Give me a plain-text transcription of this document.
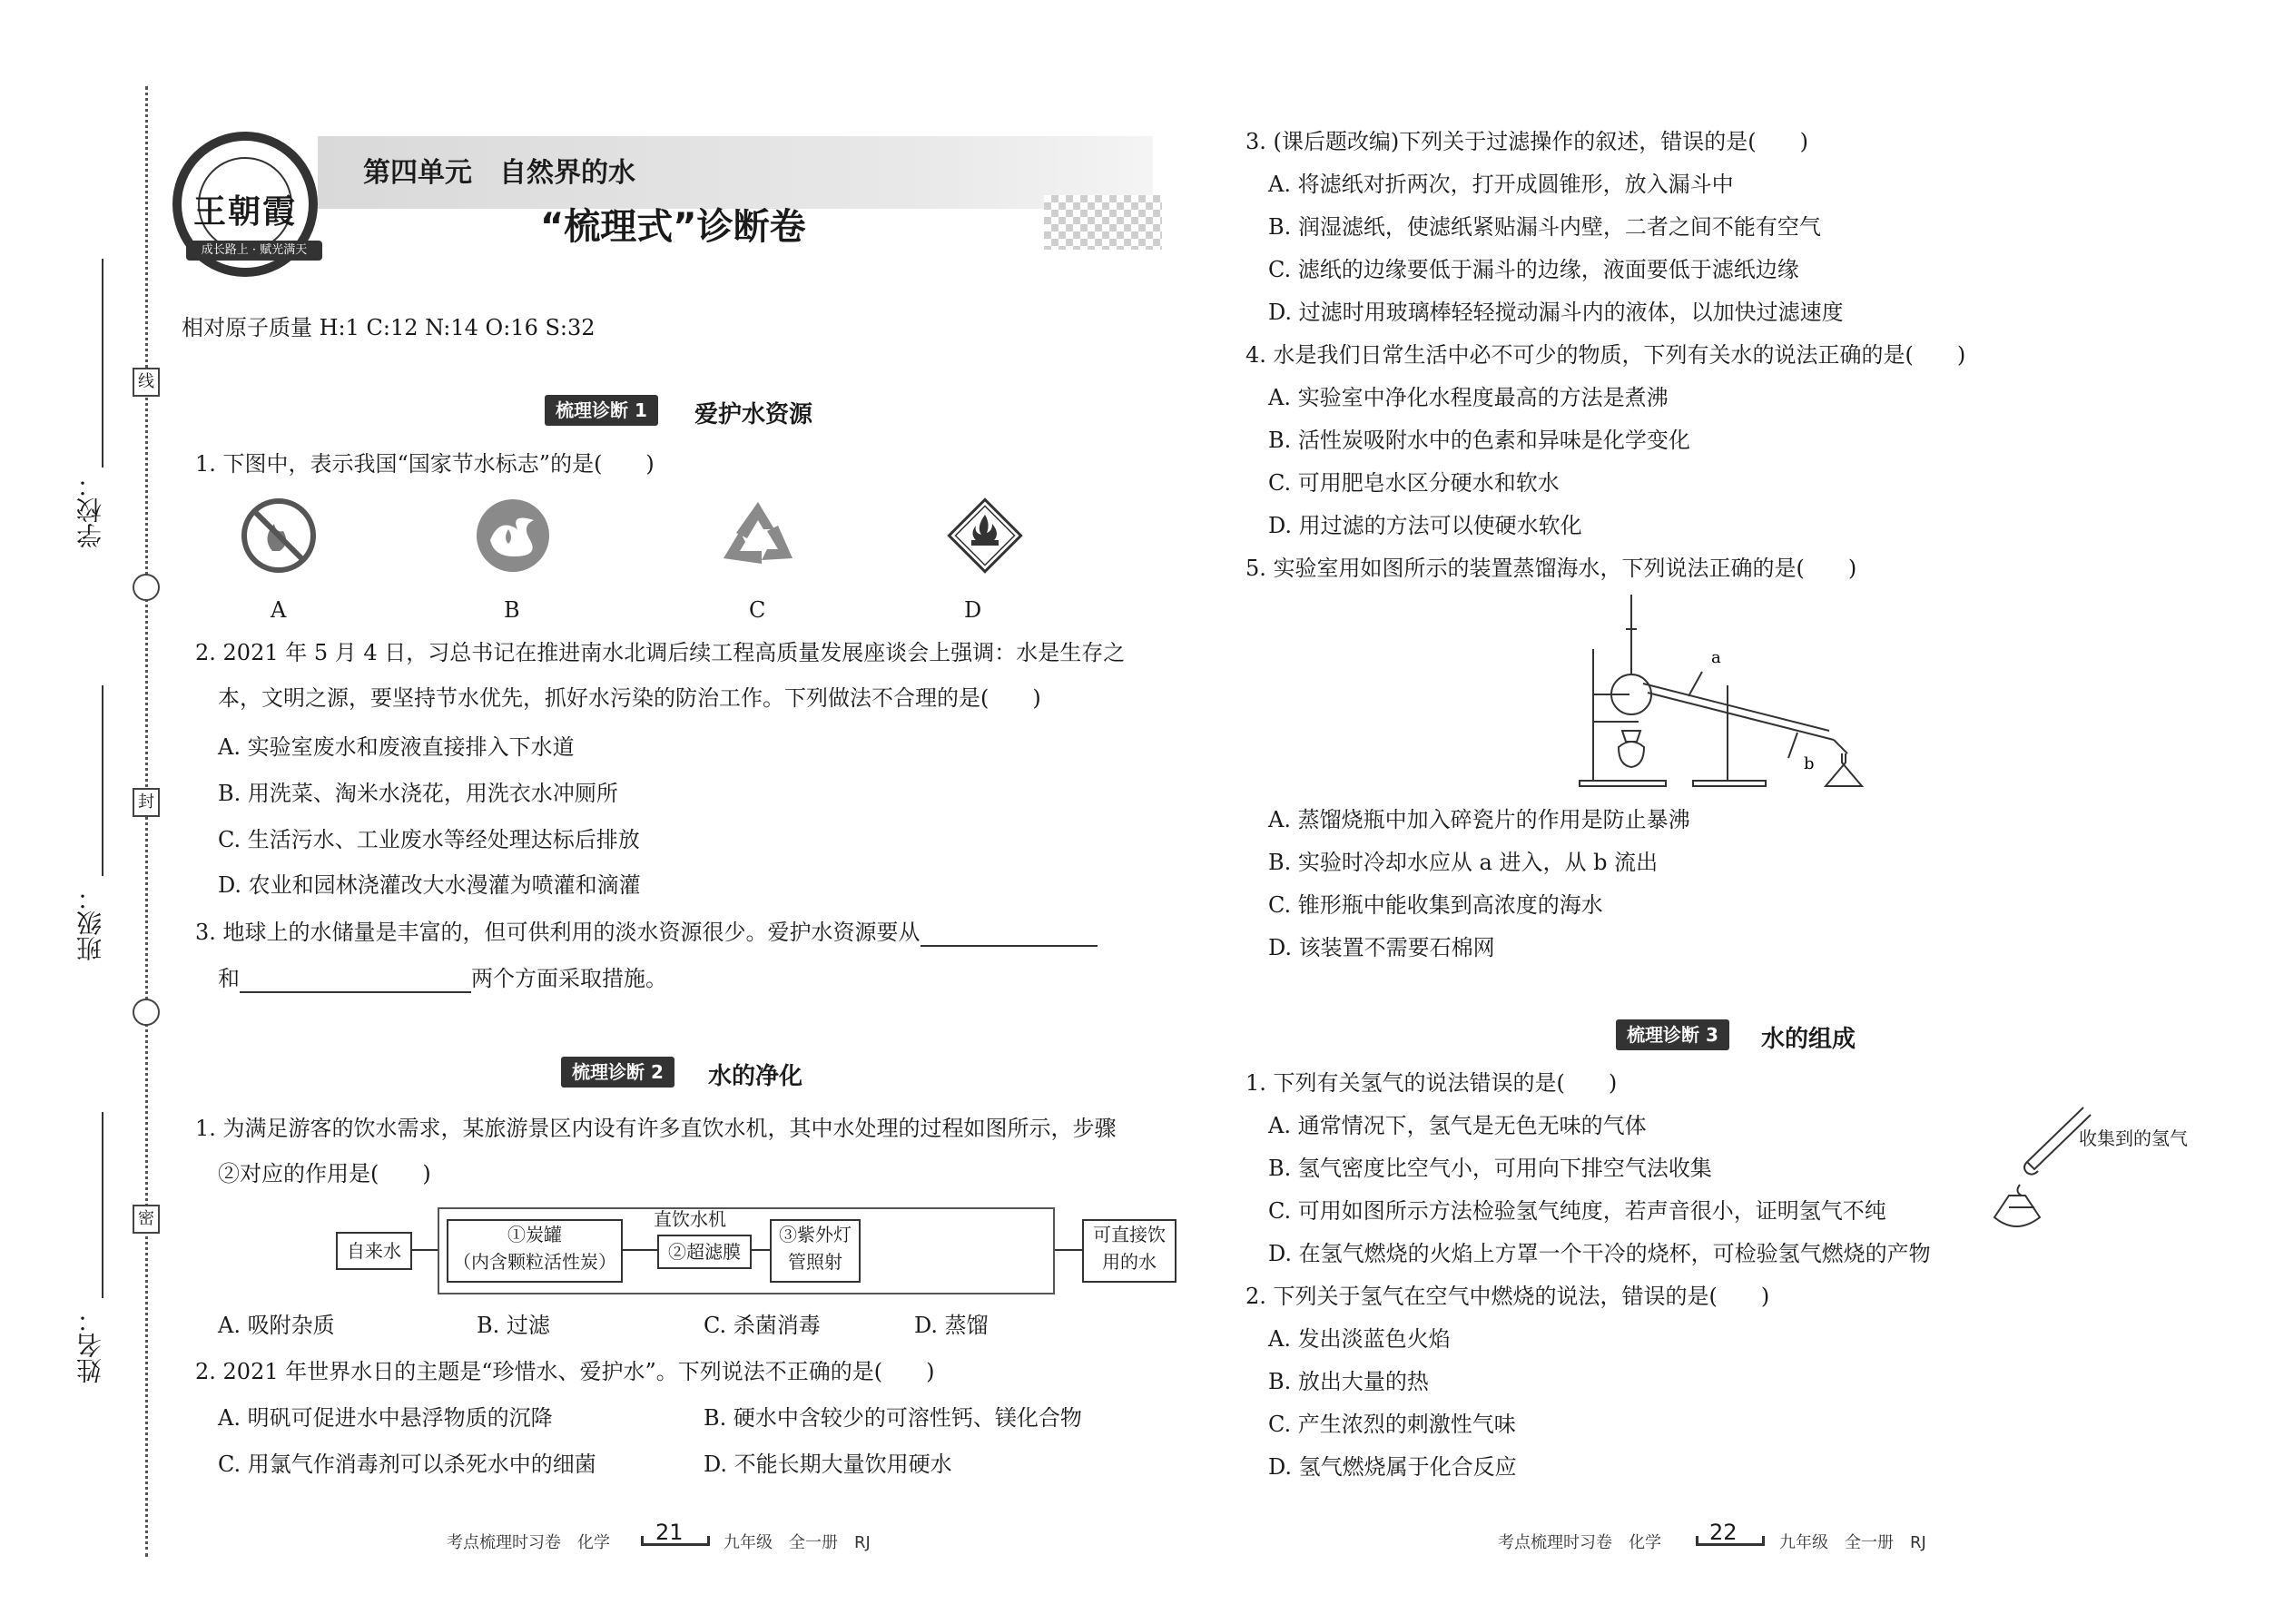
线
封
密
学校：
班级：
姓名：
王朝霞
成长路上 · 赋光满天
第四单元　自然界的水
“梳理式”诊断卷
相对原子质量 H:1 C:12 N:14 O:16 S:32
梳理诊断 1	爱护水资源
1. 下图中，表示我国“国家节水标志”的是(　　)
A	B	C	D
2. 2021 年 5 月 4 日，习总书记在推进南水北调后续工程高质量发展座谈会上强调：水是生存之
本，文明之源，要坚持节水优先，抓好水污染的防治工作。下列做法不合理的是(　　)
A. 实验室废水和废液直接排入下水道
B. 用洗菜、淘米水浇花，用洗衣水冲厕所
C. 生活污水、工业废水等经处理达标后排放
D. 农业和园林浇灌改大水漫灌为喷灌和滴灌
3. 地球上的水储量是丰富的，但可供利用的淡水资源很少。爱护水资源要从
和	两个方面采取措施。
梳理诊断 2	水的净化
1. 为满足游客的饮水需求，某旅游景区内设有许多直饮水机，其中水处理的过程如图所示，步骤
②对应的作用是(　　)
自来水
直饮水机
①炭罐
（内含颗粒活性炭）	②超滤膜
③紫外灯
管照射
可直接饮
用的水
A. 吸附杂质	B. 过滤	C. 杀菌消毒	D. 蒸馏
2. 2021 年世界水日的主题是“珍惜水、爱护水”。下列说法不正确的是(　　)
A. 明矾可促进水中悬浮物质的沉降	B. 硬水中含较少的可溶性钙、镁化合物
C. 用氯气作消毒剂可以杀死水中的细菌	D. 不能长期大量饮用硬水
考点梳理时习卷　化学 21 九年级　全一册　RJ
3. (课后题改编)下列关于过滤操作的叙述，错误的是(　　)
A. 将滤纸对折两次，打开成圆锥形，放入漏斗中
B. 润湿滤纸，使滤纸紧贴漏斗内壁，二者之间不能有空气
C. 滤纸的边缘要低于漏斗的边缘，液面要低于滤纸边缘
D. 过滤时用玻璃棒轻轻搅动漏斗内的液体，以加快过滤速度
4. 水是我们日常生活中必不可少的物质，下列有关水的说法正确的是(　　)
A. 实验室中净化水程度最高的方法是煮沸
B. 活性炭吸附水中的色素和异味是化学变化
C. 可用肥皂水区分硬水和软水
D. 用过滤的方法可以使硬水软化
5. 实验室用如图所示的装置蒸馏海水，下列说法正确的是(　　)
a
b
A. 蒸馏烧瓶中加入碎瓷片的作用是防止暴沸
B. 实验时冷却水应从 a 进入，从 b 流出
C. 锥形瓶中能收集到高浓度的海水
D. 该装置不需要石棉网
梳理诊断 3	水的组成
1. 下列有关氢气的说法错误的是(　　)
A. 通常情况下，氢气是无色无味的气体
B. 氢气密度比空气小，可用向下排空气法收集
C. 可用如图所示方法检验氢气纯度，若声音很小，证明氢气不纯
D. 在氢气燃烧的火焰上方罩一个干冷的烧杯，可检验氢气燃烧的产物
收集到的氢气
2. 下列关于氢气在空气中燃烧的说法，错误的是(　　)
A. 发出淡蓝色火焰
B. 放出大量的热
C. 产生浓烈的刺激性气味
D. 氢气燃烧属于化合反应
考点梳理时习卷　化学 22	九年级　全一册　RJ
